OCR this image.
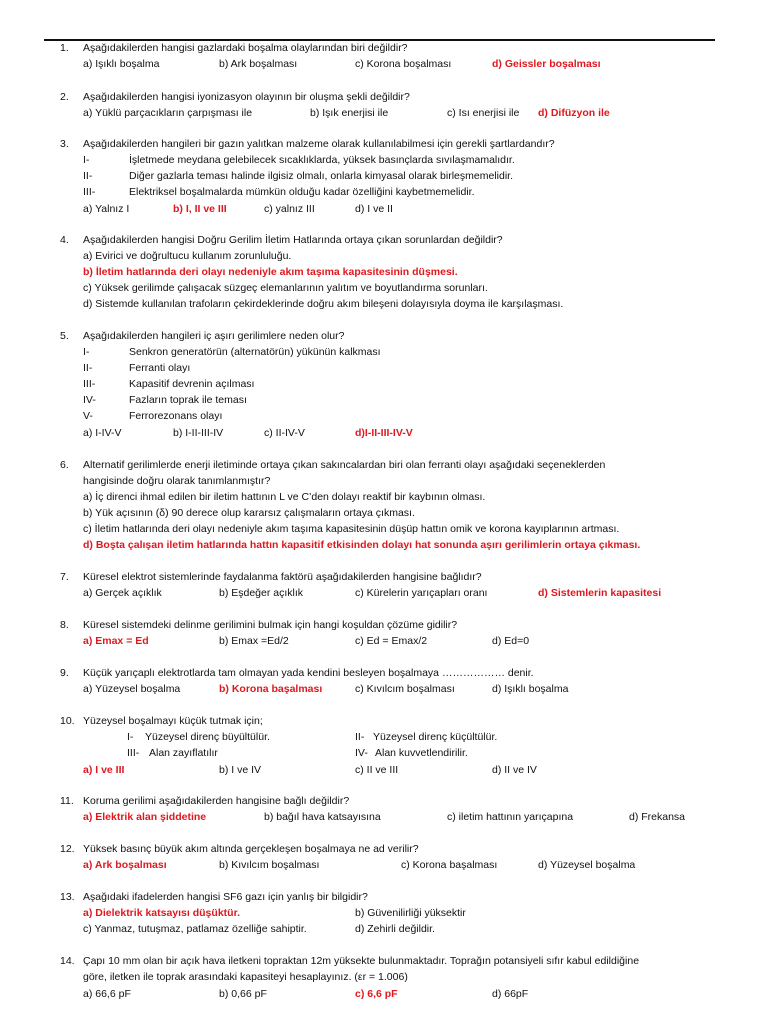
1. Aşağıdakilerden hangisi gazlardaki boşalma olaylarından biri değildir?
a) Işıklı boşalma	b) Ark boşalması	c) Korona boşalması	d) Geissler boşalması
2. Aşağıdakilerden hangisi iyonizasyon olayının bir oluşma şekli değildir?
a) Yüklü parçacıkların çarpışması ile	b) Işık enerjisi ile	c) Isı enerjisi ile d) Difüzyon ile
3. Aşağıdakilerden hangileri bir gazın yalıtkan malzeme olarak kullanılabilmesi için gerekli şartlardandır?
I-	İşletmede meydana gelebilecek sıcaklıklarda, yüksek basınçlarda sıvılaşmamalıdır.
II-	Diğer gazlarla teması halinde ilgisiz olmalı, onlarla kimyasal olarak birleşmemelidir.
III-	Elektriksel boşalmalarda mümkün olduğu kadar özelliğini kaybetmemelidir.
a) Yalnız I	b) I, II ve III	c) yalnız III	d) I ve II
4. Aşağıdakilerden hangisi Doğru Gerilim İletim Hatlarında ortaya çıkan sorunlardan değildir?
a) Evirici ve doğrultucu kullanım zorunluluğu.
b) İletim hatlarında deri olayı nedeniyle akım taşıma kapasitesinin düşmesi.
c) Yüksek gerilimde çalışacak süzgeç elemanlarının yalıtım ve boyutlandırma sorunları.
d) Sistemde kullanılan trafoların çekirdeklerinde doğru akım bileşeni dolayısıyla doyma ile karşılaşması.
5. Aşağıdakilerden hangileri iç aşırı gerilimlere neden olur?
I-	Senkron generatörün (alternatörün) yükünün kalkması
II-	Ferranti olayı
III-	Kapasitif devrenin açılması
IV-	Fazların toprak ile teması
V-	Ferrorezonans olayı
a) I-IV-V	b) I-II-III-IV	c) II-IV-V	d)I-II-III-IV-V
6. Alternatif gerilimlerde enerji iletiminde ortaya çıkan sakıncalardan biri olan ferranti olayı aşağıdaki seçeneklerden
hangisinde doğru olarak tanımlanmıştır?
a) İç direnci ihmal edilen bir iletim hattının L ve C’den dolayı reaktif bir kaybının olması.
b) Yük açısının (δ) 90 derece olup kararsız çalışmaların ortaya çıkması.
c) İletim hatlarında deri olayı nedeniyle akım taşıma kapasitesinin düşüp hattın omik ve korona kayıplarının artması.
d) Boşta çalışan iletim hatlarında hattın kapasitif etkisinden dolayı hat sonunda aşırı gerilimlerin ortaya çıkması.
7. Küresel elektrot sistemlerinde faydalanma faktörü aşağıdakilerden hangisine bağlıdır?
a) Gerçek açıklık	b) Eşdeğer açıklık	c) Kürelerin yarıçapları oranı	d) Sistemlerin kapasitesi
8. Küresel sistemdeki delinme gerilimini bulmak için hangi koşuldan çözüme gidilir?
a) Emax = Ed	b) Emax =Ed/2	c) Ed = Emax/2	d) Ed=0
9. Küçük yarıçaplı elektrotlarda tam olmayan yada kendini besleyen boşalmaya ……………… denir.
a) Yüzeysel boşalma	b) Korona başalması	c) Kıvılcım boşalması	d) Işıklı boşalma
10. Yüzeysel boşalmayı küçük tutmak için;
I- Yüzeysel direnç büyültülür.	II- Yüzeysel direnç küçültülür.
III- Alan zayıflatılır	IV- Alan kuvvetlendirilir.
a) I ve III	b) I ve IV	c) II ve III	d) II ve IV
11. Koruma gerilimi aşağıdakilerden hangisine bağlı değildir?
a) Elektrik alan şiddetine	b) bağıl hava katsayısına	c) iletim hattının yarıçapına	d) Frekansa
12. Yüksek basınç büyük akım altında gerçekleşen boşalmaya ne ad verilir?
a) Ark boşalması	b) Kıvılcım boşalması	c) Korona başalması	d) Yüzeysel boşalma
13. Aşağıdaki ifadelerden hangisi SF6 gazı için yanlış bir bilgidir?
a) Dielektrik katsayısı düşüktür.	b) Güvenilirliği yüksektir
c) Yanmaz, tutuşmaz, patlamaz özelliğe sahiptir.	d) Zehirli değildir.
14. Çapı 10 mm olan bir açık hava iletkeni topraktan 12m yüksekte bulunmaktadır. Toprağın potansiyeli sıfır kabul edildiğine
göre, iletken ile toprak arasındaki kapasiteyi hesaplayınız. (εr = 1.006)
a) 66,6 pF	b) 0,66 pF	c) 6,6 pF	d) 66pF
